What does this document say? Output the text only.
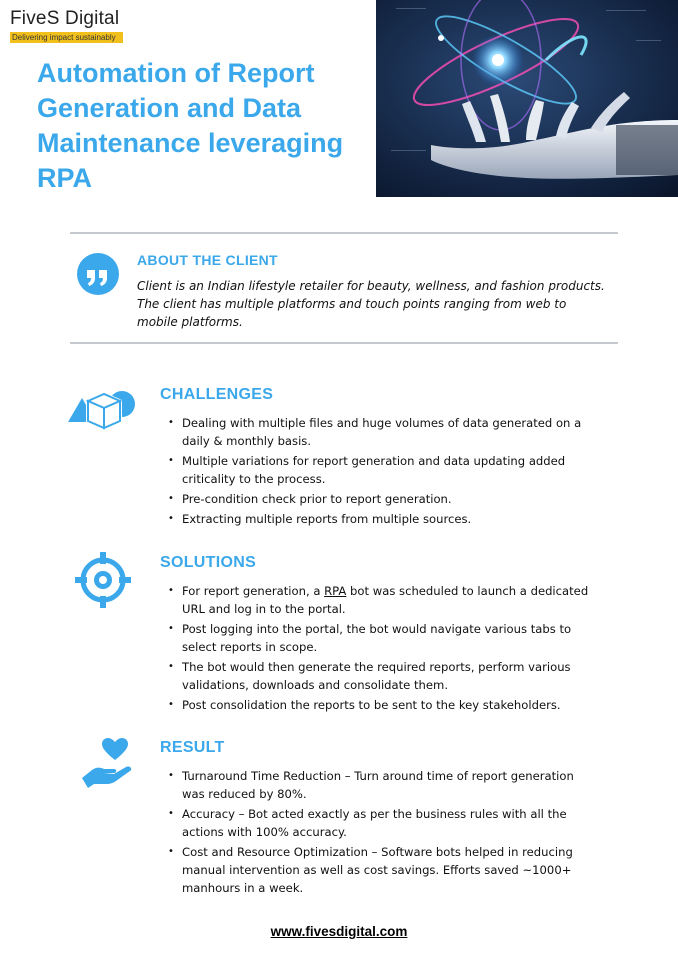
FiveS Digital
Delivering impact sustainably
Automation of Report Generation and Data Maintenance leveraging RPA
ABOUT THE CLIENT

Client is an Indian lifestyle retailer for beauty, wellness, and fashion products.

The client has multiple platforms and touch points ranging from web to mobile platforms.

CHALLENGES
• Dealing with multiple files and huge volumes of data generated on a daily & monthly basis.
• Multiple variations for report generation and data updating added criticality to the process.
• Pre-condition check prior to report generation.
• Extracting multiple reports from multiple sources.
SOLUTIONS
• For report generation, a RPA bot was scheduled to launch a dedicated URL and log in to the portal.
• Post logging into the portal, the bot would navigate various tabs to select reports in scope.
• The bot would then generate the required reports, perform various validations, downloads and consolidate them.
• Post consolidation the reports to be sent to the key stakeholders.
RESULT
• Turnaround Time Reduction – Turn around time of report generation was reduced by 80%.
• Accuracy – Bot acted exactly as per the business rules with all the actions with 100% accuracy.
• Cost and Resource Optimization – Software bots helped in reducing manual intervention as well as cost savings. Efforts saved ~1000+ manhours in a week.
www.fivesdigital.com
